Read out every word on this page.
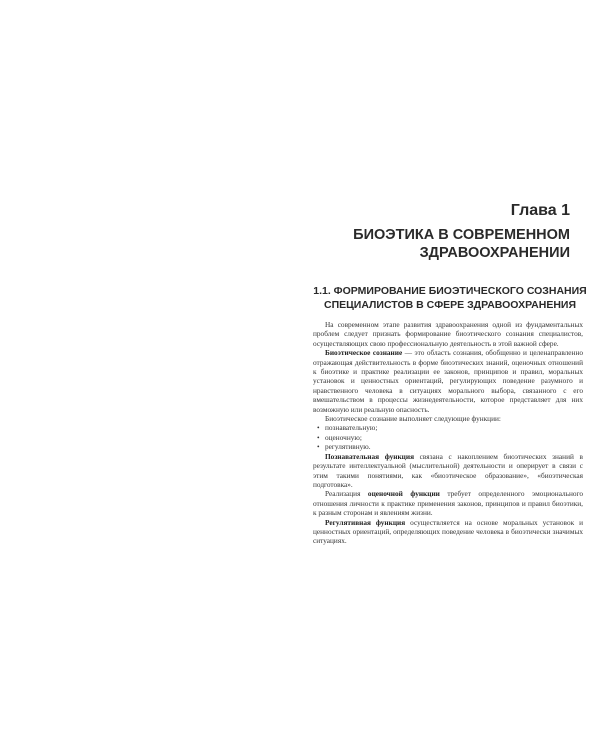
Глава 1
БИОЭТИКА В СОВРЕМЕННОМ
ЗДРАВООХРАНЕНИИ
1.1. ФОРМИРОВАНИЕ БИОЭТИЧЕСКОГО СОЗНАНИЯ
СПЕЦИАЛИСТОВ В СФЕРЕ ЗДРАВООХРАНЕНИЯ

На современном этапе развития здравоохранения одной из фундаментальных проблем следует признать формирование биоэтического сознания специалистов, осуществляющих свою профессиональную деятельность в этой важной сфере.

Биоэтическое сознание — это область сознания, обобщенно и целенаправленно отражающая действительность в форме биоэтических знаний, оценочных отношений к биоэтике и практике реализации ее законов, принципов и правил, моральных установок и ценностных ориентаций, регулирующих поведение разумного и нравственного человека в ситуациях морального выбора, связанного с его вмешательством в процессы жизнедеятельности, которое представляет для них возможную или реальную опасность.

Биоэтическое сознание выполняет следующие функции:

• познавательную;
• оценочную;
• регулятивную.

Познавательная функция связана с накоплением биоэтических знаний в результате интеллектуальной (мыслительной) деятельности и оперирует в связи с этим такими понятиями, как «биоэтическое образование», «биоэтическая подготовка».

Реализация оценочной функции требует определенного эмоционального отношения личности к практике применения законов, принципов и правил биоэтики, к разным сторонам и явлениям жизни.

Регулятивная функция осуществляется на основе моральных установок и ценностных ориентаций, определяющих поведение человека в биоэтически значимых ситуациях.
